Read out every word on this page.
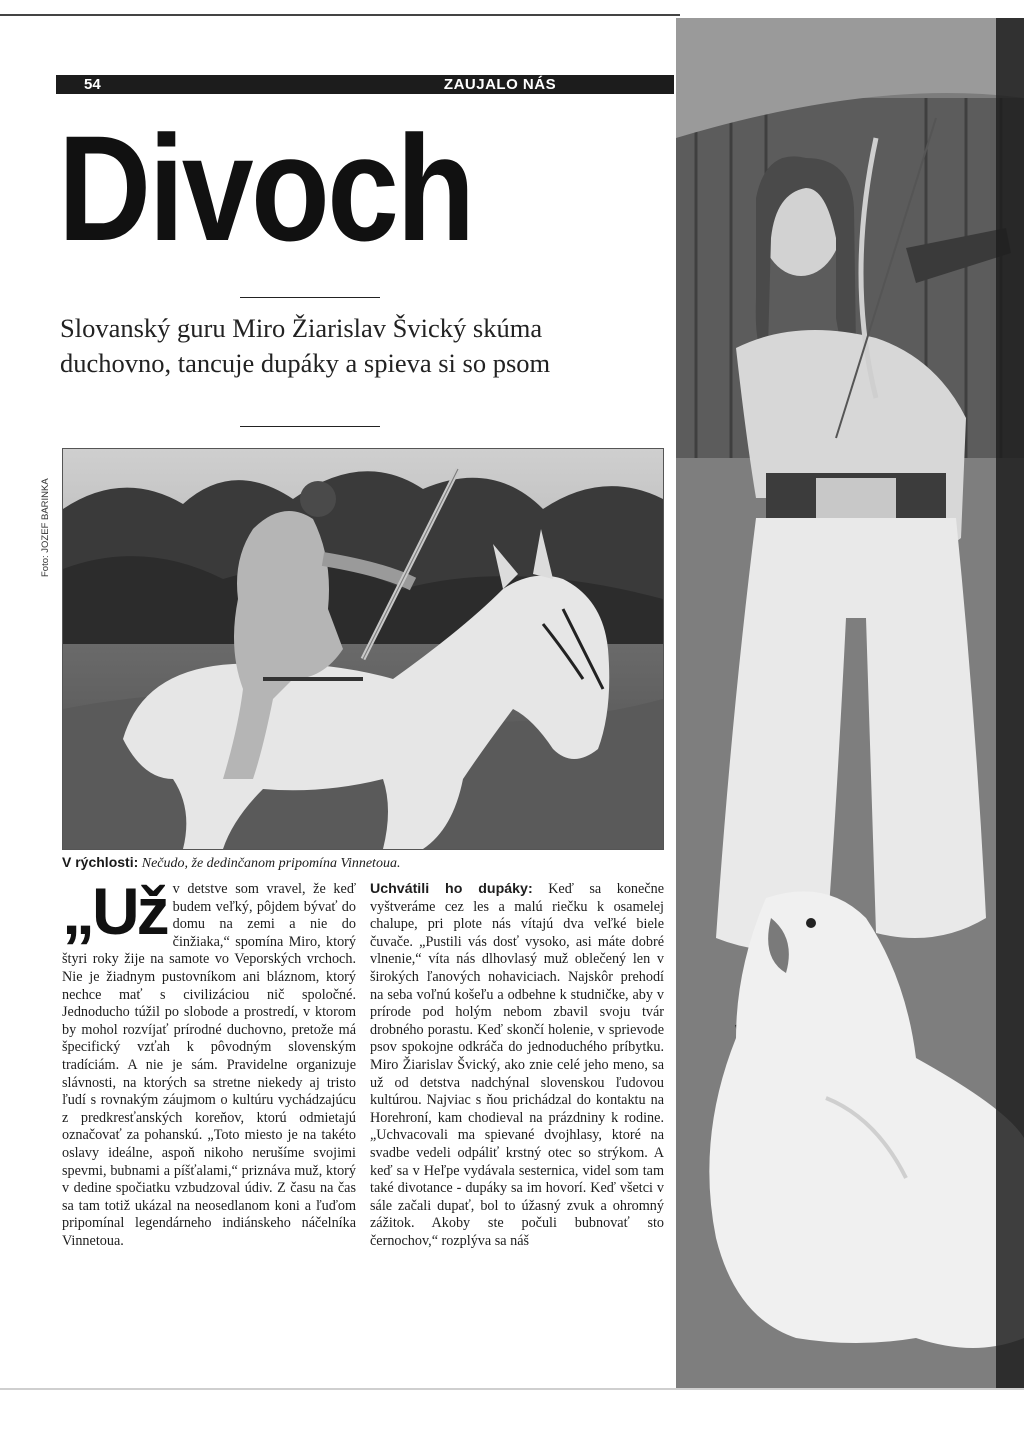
54	ZAUJALO NÁS
Divoch
Slovanský guru Miro Žiarislav Švický skúma duchovno, tancuje dupáky a spieva si so psom
Foto: JOZEF BARINKA
V rýchlosti: Nečudo, že dedinčanom pripomína Vinnetoua.
„Už v detstve som vravel, že keď budem veľký, pôjdem bývať do domu na zemi a nie do činžiaka,“ spomína Miro, ktorý štyri roky žije na samote vo Veporských vrchoch. Nie je žiadnym pustovníkom ani bláznom, ktorý nechce mať s civilizáciou nič spoločné. Jednoducho túžil po slobode a prostredí, v ktorom by mohol rozvíjať prírodné duchovno, pretože má špecifický vzťah k pôvodným slovenským tradíciám. A nie je sám. Pravidelne organizuje slávnosti, na ktorých sa stretne niekedy aj tristo ľudí s rovnakým záujmom o kultúru vychádzajúcu z predkresťanských koreňov, ktorú odmietajú označovať za pohanskú. „Toto miesto je na takéto oslavy ideálne, aspoň nikoho nerušíme svojimi spevmi, bubnami a píšťalami,“ priznáva muž, ktorý v dedine spočiatku vzbudzoval údiv. Z času na čas sa tam totiž ukázal na neosedlanom koni a ľuďom pripomínal legendárneho indiánskeho náčelníka Vinnetoua.
Uchvátili ho dupáky: Keď sa konečne vyštveráme cez les a malú riečku k osamelej chalupe, pri plote nás vítajú dva veľké biele čuvače. „Pustili vás dosť vysoko, asi máte dobré vlnenie,“ víta nás dlhovlasý muž oblečený len v širokých ľanových nohaviciach. Najskôr prehodí na seba voľnú košeľu a odbehne k studničke, aby v prírode pod holým nebom zbavil svoju tvár drobného porastu. Keď skončí holenie, v sprievode psov spokojne odkráča do jednoduchého príbytku. Miro Žiarislav Švický, ako znie celé jeho meno, sa už od detstva nadchýnal slovenskou ľudovou kultúrou. Najviac s ňou prichádzal do kontaktu na Horehroní, kam chodieval na prázdniny k rodine. „Uchvacovali ma spievané dvojhlasy, ktoré na svadbe vedeli odpáliť krstný otec so strýkom. A keď sa v Heľpe vydávala sesternica, videl som tam také divotance - dupáky sa im hovorí. Keď všetci v sále začali dupať, bol to úžasný zvuk a ohromný zážitok. Akoby ste počuli bubnovať sto černochov,“ rozplýva sa náš
